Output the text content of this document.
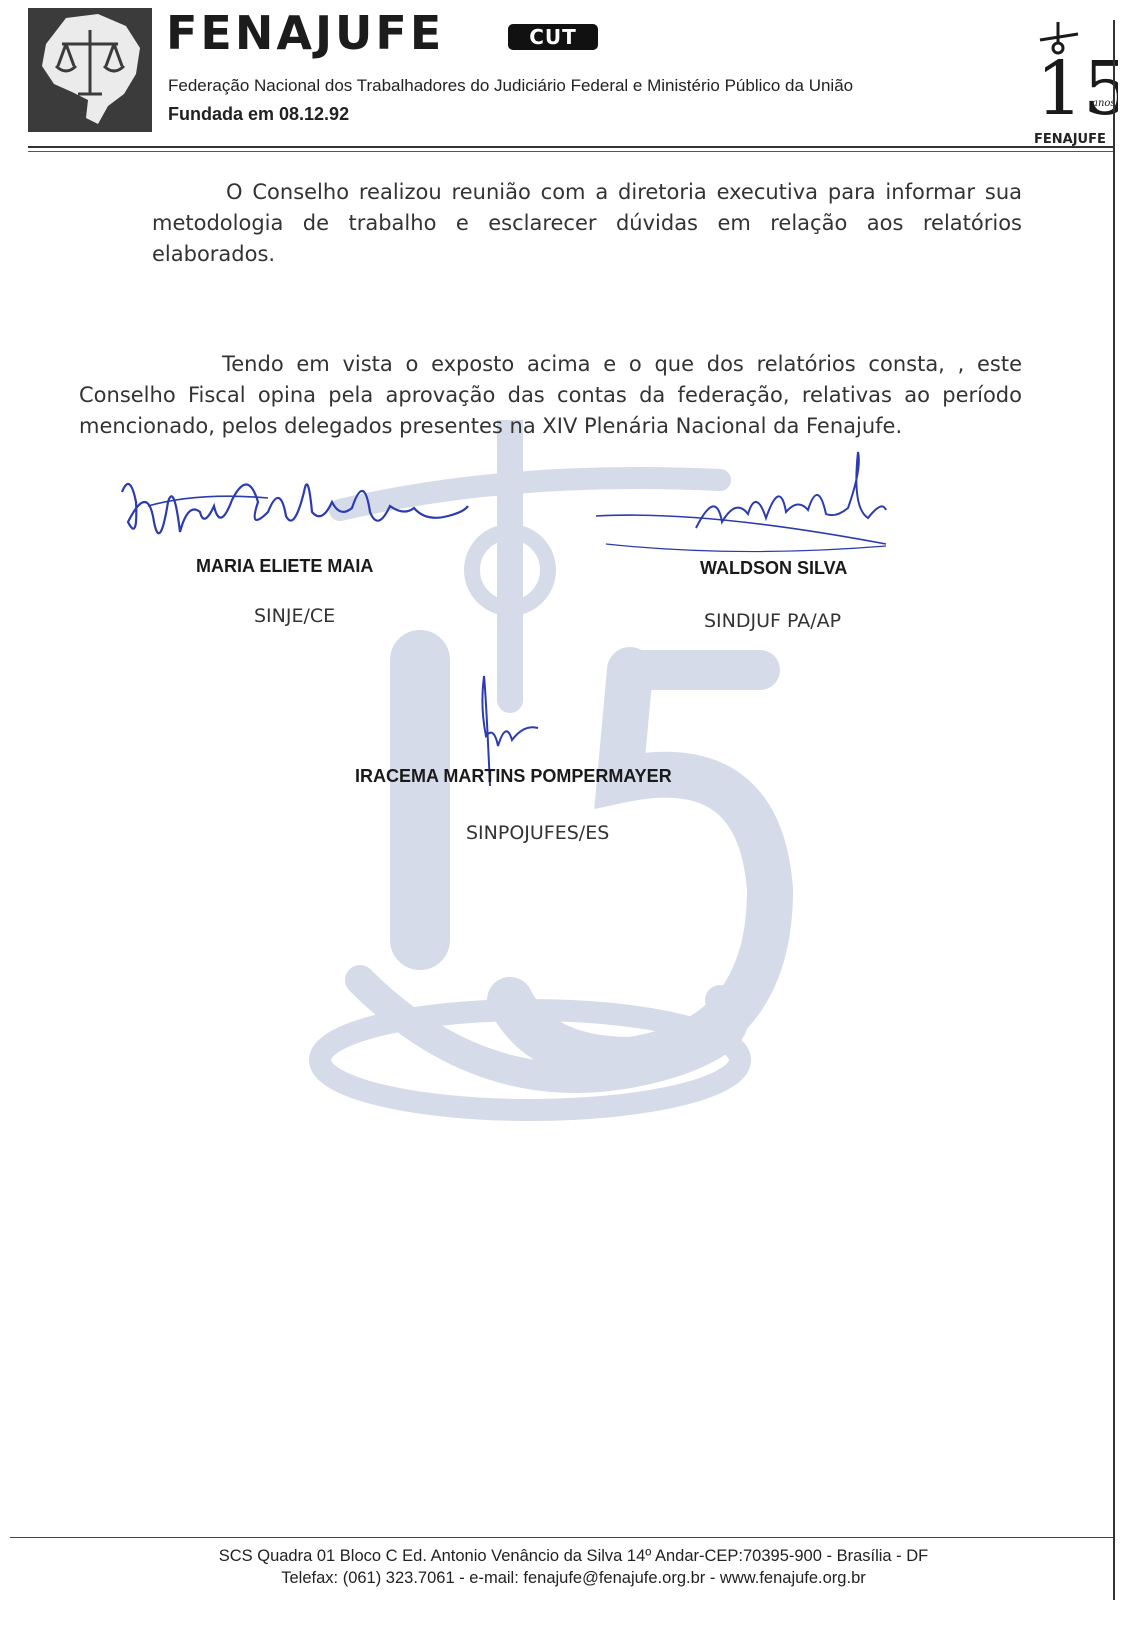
FENAJUFE	CUT
Federação Nacional dos Trabalhadores do Judiciário Federal e Ministério Público da União
Fundada em 08.12.92	15
anos
FENAJUFE

O Conselho realizou reunião com a diretoria executiva para informar sua metodologia de trabalho e esclarecer dúvidas em relação aos relatórios elaborados.

Tendo em vista o exposto acima e o que dos relatórios consta, , este Conselho Fiscal opina pela aprovação das contas da federação, relativas ao período mencionado, pelos delegados presentes na XIV Plenária Nacional da Fenajufe.

MARIA ELIETE MAIA
SINJE/CE
WALDSON SILVA
SINDJUF PA/AP
IRACEMA MARTINS POMPERMAYER
SINPOJUFES/ES
SCS Quadra 01 Bloco C Ed. Antonio Venâncio da Silva 14º Andar-CEP:70395-900 - Brasília - DF
Telefax: (061) 323.7061 - e-mail: fenajufe@fenajufe.org.br - www.fenajufe.org.br
